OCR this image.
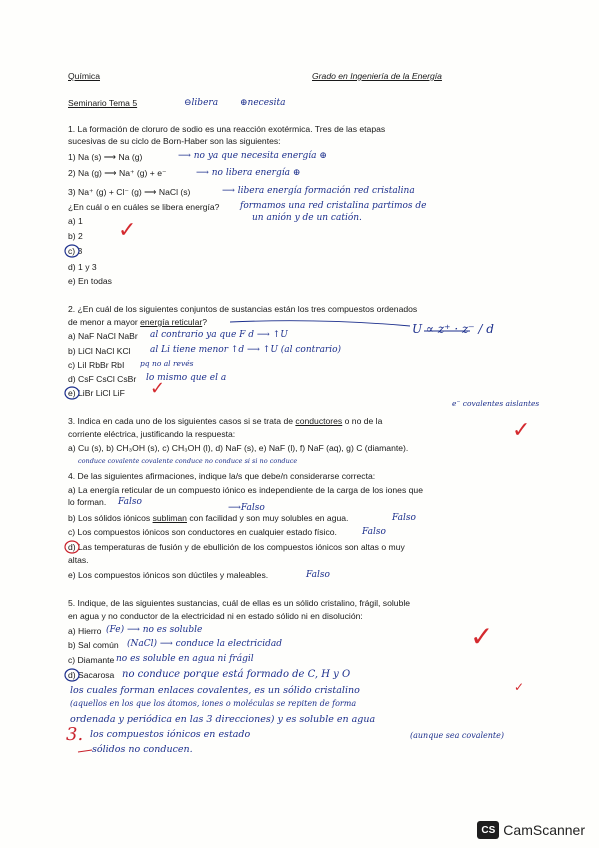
Química	Grado en Ingeniería de la Energía
Seminario Tema 5	⊖libera ⊕necesita
1. La formación de cloruro de sodio es una reacción exotérmica. Tres de las etapas
sucesivas de su ciclo de Born-Haber son las siguientes:
1) Na (s) ⟶ Na (g)	⟶ no ya que necesita energía ⊕
2) Na (g) ⟶ Na⁺ (g) + e⁻	⟶ no libera energía ⊕
3) Na⁺ (g) + Cl⁻ (g) ⟶ NaCl (s)	⟶ libera energía formación red cristalina
¿En cuál o en cuáles se libera energía? formamos una red cristalina partimos de
un anión y de un catión.
a) 1
b) 2
c) 3
d) 1 y 3
e) En todas
2. ¿En cuál de los siguientes conjuntos de sustancias están los tres compuestos ordenados
de menor a mayor energía reticular?
a) NaF NaCl NaBr al contrario ya que F d ⟶ ↑U
b) LiCl NaCl KCl al Li tiene menor ↑d ⟶ ↑U (al contrario)
c) LiI RbBr RbI pq no al revés
d) CsF CsCl CsBr lo mismo que el a
e) LiBr LiCl LiF
U ∝ z⁺ · z⁻ / d
3. Indica en cada uno de los siguientes casos si se trata de conductores o no de la
e⁻ covalentes aislantes
corriente eléctrica, justificando la respuesta:
a) Cu (s), b) CH₃OH (s), c) CH₃OH (l), d) NaF (s), e) NaF (l), f) NaF (aq), g) C (diamante).
conduce covalente covalente conduce no conduce si si no conduce
4. De las siguientes afirmaciones, indique la/s que debe/n considerarse correcta:
a) La energía reticular de un compuesto iónico es independiente de la carga de los iones que
lo forman. Falso
⟶Falso
b) Los sólidos iónicos subliman con facilidad y son muy solubles en agua.	Falso
c) Los compuestos iónicos son conductores en cualquier estado físico.	Falso
d) Las temperaturas de fusión y de ebullición de los compuestos iónicos son altas o muy
altas.
e) Los compuestos iónicos son dúctiles y maleables.	Falso
5. Indique, de las siguientes sustancias, cuál de ellas es un sólido cristalino, frágil, soluble
en agua y no conductor de la electricidad ni en estado sólido ni en disolución:
a) Hierro (Fe) ⟶ no es soluble
b) Sal común (NaCl) ⟶ conduce la electricidad
c) Diamante no es soluble en agua ni frágil
d) Sacarosa no conduce porque está formado de C, H y O
los cuales forman enlaces covalentes, es un sólido cristalino
(aquellos en los que los átomos, iones o moléculas se repiten de forma
ordenada y periódica en las 3 direcciones) y es soluble en agua
(aunque sea covalente)
3. los compuestos iónicos en estado
sólidos no conducen.
✓
✓
✓
✓
✓
CS CamScanner
